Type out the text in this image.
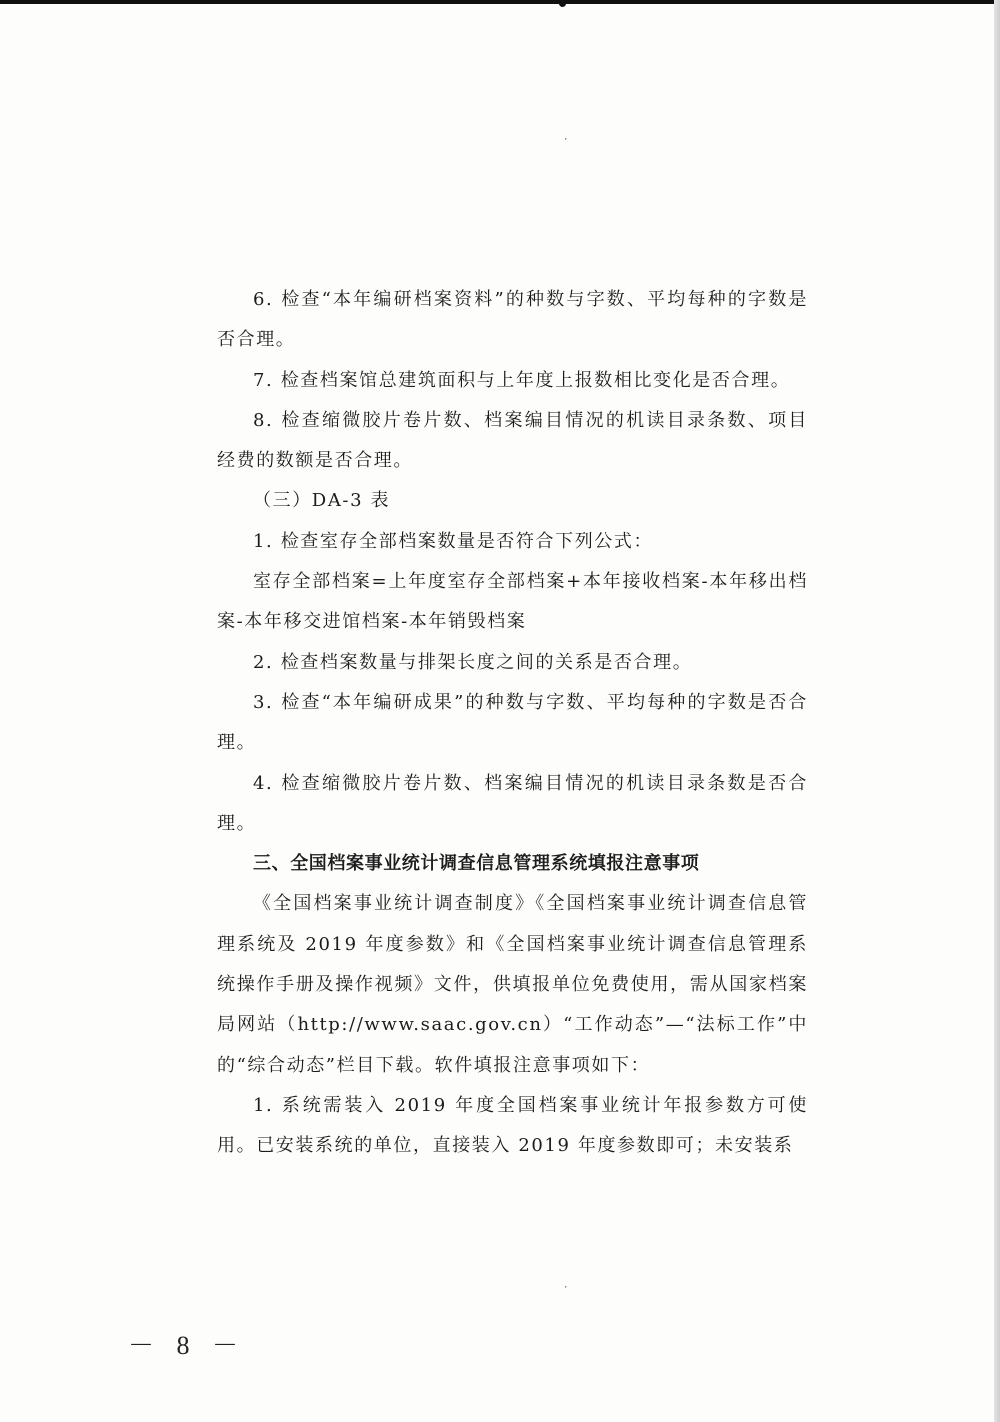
˙
˙

6. 检查“本年编研档案资料”的种数与字数、平均每种的字数是否合理。

7. 检查档案馆总建筑面积与上年度上报数相比变化是否合理。

8. 检查缩微胶片卷片数、档案编目情况的机读目录条数、项目经费的数额是否合理。

（三）DA-3 表

1. 检查室存全部档案数量是否符合下列公式：

室存全部档案=上年度室存全部档案+本年接收档案-本年移出档案-本年移交进馆档案-本年销毁档案

2. 检查档案数量与排架长度之间的关系是否合理。

3. 检查“本年编研成果”的种数与字数、平均每种的字数是否合理。

4. 检查缩微胶片卷片数、档案编目情况的机读目录条数是否合理。

三、全国档案事业统计调查信息管理系统填报注意事项

《全国档案事业统计调查制度》《全国档案事业统计调查信息管理系统及 2019 年度参数》和《全国档案事业统计调查信息管理系统操作手册及操作视频》文件，供填报单位免费使用，需从国家档案局网站（http://www.saac.gov.cn）“工作动态”—“法标工作”中的“综合动态”栏目下载。软件填报注意事项如下：

1. 系统需装入 2019 年度全国档案事业统计年报参数方可使用。已安装系统的单位，直接装入 2019 年度参数即可；未安装系

－ 8 －
